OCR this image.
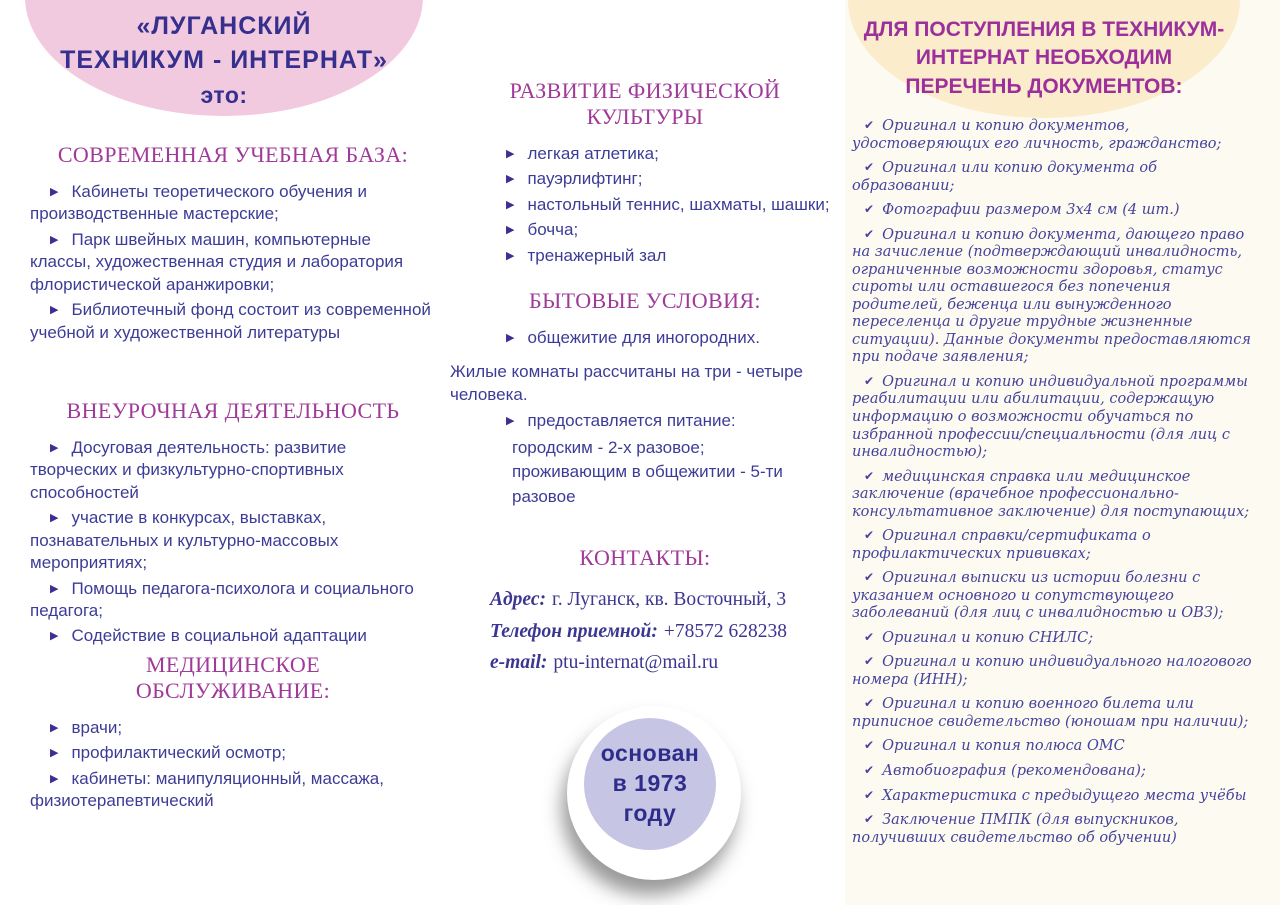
«ЛУГАНСКИЙ
ТЕХНИКУМ - ИНТЕРНАТ»
это:
ДЛЯ ПОСТУПЛЕНИЯ В ТЕХНИКУМ-ИНТЕРНАТ НЕОБХОДИМ ПЕРЕЧЕНЬ ДОКУМЕНТОВ:
СОВРЕМЕННАЯ УЧЕБНАЯ БАЗА:
▶ Кабинеты теоретического обучения и производственные мастерские;
▶ Парк швейных машин, компьютерные классы, художественная студия и лаборатория флористической аранжировки;
▶ Библиотечный фонд состоит из современной учебной и художественной литературы
ВНЕУРОЧНАЯ ДЕЯТЕЛЬНОСТЬ
▶ Досуговая деятельность: развитие творческих и физкультурно-спортивных способностей
▶ участие в конкурсах, выставках, познавательных и культурно-массовых мероприятиях;
▶ Помощь педагога-психолога и социального педагога;
▶ Содействие в социальной адаптации
МЕДИЦИНСКОЕ ОБСЛУЖИВАНИЕ:
▶ врачи;
▶ профилактический осмотр;
▶ кабинеты: манипуляционный, массажа, физиотерапевтический
РАЗВИТИЕ ФИЗИЧЕСКОЙ КУЛЬТУРЫ
▶ легкая атлетика;
▶ пауэрлифтинг;
▶ настольный теннис, шахматы, шашки;
▶ бочча;
▶ тренажерный зал
БЫТОВЫЕ УСЛОВИЯ:
▶ общежитие для иногородних.
Жилые комнаты рассчитаны на три - четыре человека.
▶ предоставляется питание:
городским - 2-х разовое;
проживающим в общежитии - 5-ти разовое
КОНТАКТЫ:
Адрес: г. Луганск, кв. Восточный, 3
Телефон приемной: +78572 628238
e-mail: ptu-internat@mail.ru
основан
в 1973
году
✔ Оригинал и копию документов, удостоверяющих его личность, гражданство;
✔ Оригинал или копию документа об образовании;
✔ Фотографии размером 3х4 см (4 шт.)
✔ Оригинал и копию документа, дающего право на зачисление (подтверждающий инвалидность, ограниченные возможности здоровья, статус сироты или оставшегося без попечения родителей, беженца или вынужденного переселенца и другие трудные жизненные ситуации). Данные документы предоставляются при подаче заявления;
✔ Оригинал и копию индивидуальной программы реабилитации или абилитации, содержащую информацию о возможности обучаться по избранной профессии/специальности (для лиц с инвалидностью);
✔ медицинская справка или медицинское заключение (врачебное профессионально-консультативное заключение) для поступающих;
✔ Оригинал справки/сертификата о профилактических прививках;
✔ Оригинал выписки из истории болезни с указанием основного и сопутствующего заболеваний (для лиц с инвалидностью и ОВЗ);
✔ Оригинал и копию СНИЛС;
✔ Оригинал и копию индивидуального налогового номера (ИНН);
✔ Оригинал и копию военного билета или приписное свидетельство (юношам при наличии);
✔ Оригинал и копия полюса ОМС
✔ Автобиография (рекомендована);
✔ Характеристика с предыдущего места учёбы
✔ Заключение ПМПК (для выпускников, получивших свидетельство об обучении)
